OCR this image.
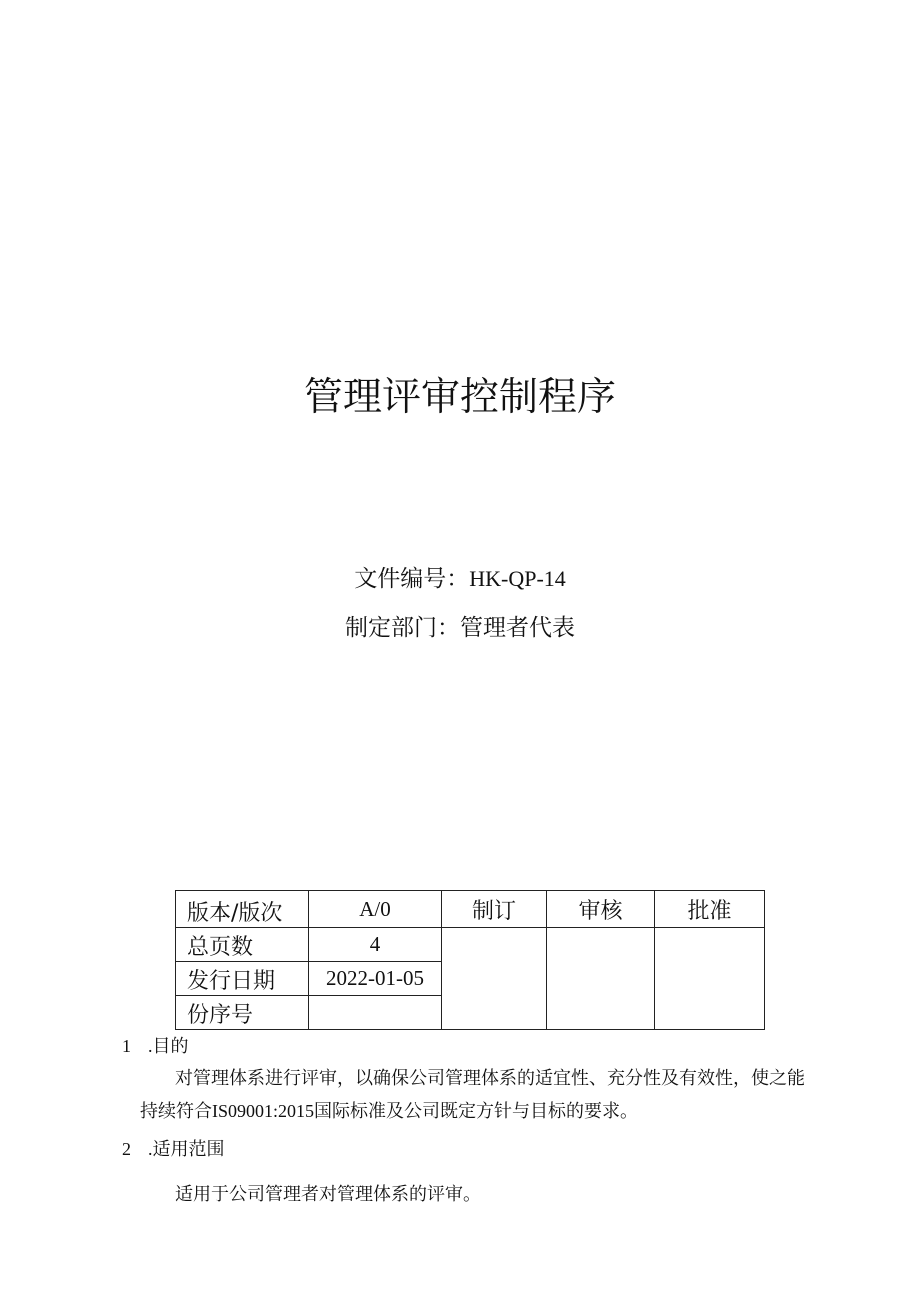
管理评审控制程序
文件编号：HK-QP-14
制定部门：管理者代表
版本/版次	A/0	制订	审核	批准
总页数	4			
发行日期	2022-01-05			
份序号				
1 .目的
对管理体系进行评审，以确保公司管理体系的适宜性、充分性及有效性，使之能
持续符合IS09001:2015国际标准及公司既定方针与目标的要求。
2 .适用范围
适用于公司管理者对管理体系的评审。
